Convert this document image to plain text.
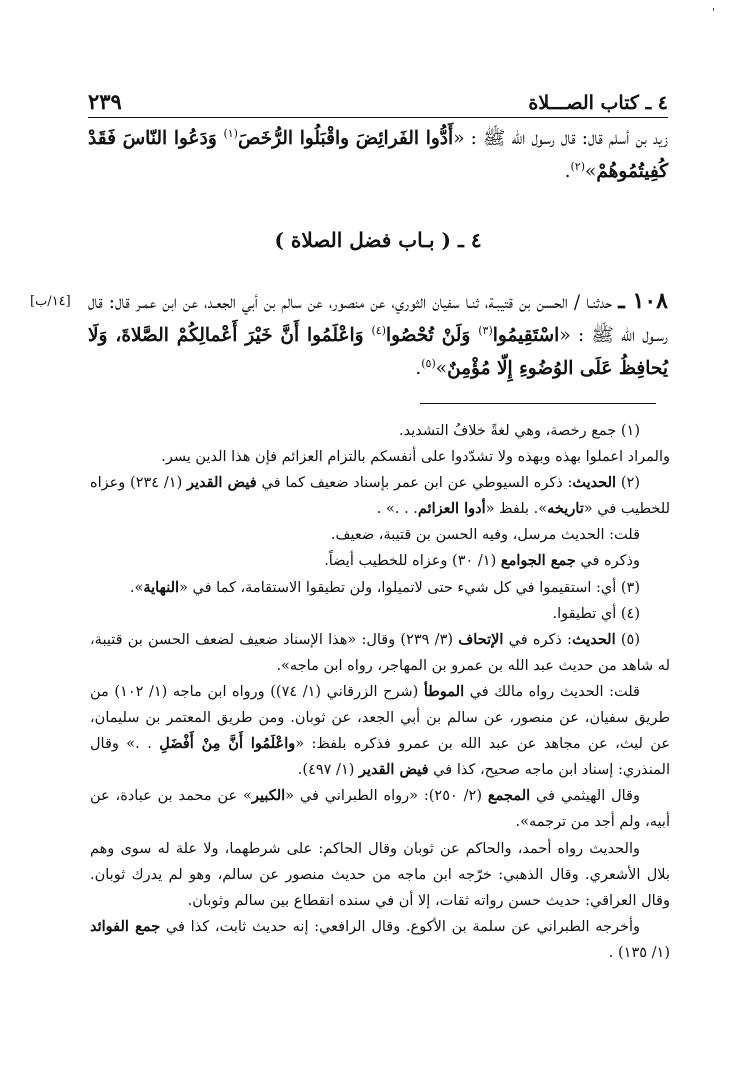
'
٤ ـ كتاب الصـــلاة
٢٣٩
زيد بن أسلم قال: قال رسول الله ﷺ : «أَدُّوا الفَرائِضَ واقْبَلُوا الرُّخَصَ$^{(١)}$ وَدَعُوا النّاسَ فَقَدْ كُفِيتُمُوهُمْ»$^{(٢)}$.
٤ ـ ( بـاب فضل الصلاة )
[١٤/ب]	١٠٨ ـ حدثنـا / الحسن بن قتيبـة، ثنـا سفيان الثوري، عن منصور، عن سالم بن أبي الجعـد، عن ابن عمـر قال: قال رسـول الله ﷺ : «اسْتَقِيمُوا$^{(٣)}$ وَلَنْ تُحْصُوا$^{(٤)}$ وَاعْلَمُوا أَنَّ خَيْرَ أَعْمالِكُمْ الصَّلاةَ، وَلَا يُحافِظُ عَلَى الوُضُوءِ إِلّا مُؤْمِنٌ»$^{(٥)}$.

(١) جمع رخصة، وهي لغةً خلافُ التشديد.

والمراد اعملوا بهذه وبهذه ولا تشدّدوا على أنفسكم بالتزام العزائم فإن هذا الدين يسر.

(٢) الحديث: ذكره السيوطي عن ابن عمر بإسناد ضعيف كما في فيض القدير (١/ ٢٣٤) وعزاه للخطيب في «تاريخه». بلفظ «أدوا العزائم. . .» .

قلت: الحديث مرسل، وفيه الحسن بن قتيبة، ضعيف.

وذكره في جمع الجوامع (١/ ٣٠) وعزاه للخطيب أيضاً.

(٣) أي: استقيموا في كل شيء حتى لاتميلوا، ولن تطيقوا الاستقامة، كما في «النهاية».

(٤) أي تطيقوا.

(٥) الحديث: ذكره في الإتحاف (٣/ ٢٣٩) وقال: «هذا الإسناد ضعيف لضعف الحسن بن قتيبة، له شاهد من حديث عبد الله بن عمرو بن المهاجر، رواه ابن ماجه».

قلت: الحديث رواه مالك في الموطأ (شرح الزرقاني (١/ ٧٤)) ورواه ابن ماجه (١/ ١٠٢) من طريق سفيان، عن منصور، عن سالم بن أبي الجعد، عن ثوبان. ومن طريق المعتمر بن سليمان، عن ليث، عن مجاهد عن عبد الله بن عمرو فذكره بلفظ: «واعْلَمُوا أَنَّ مِنْ أَفْضَلِ . .» وقال المنذري: إسناد ابن ماجه صحيح، كذا في فيض القدير (١/ ٤٩٧).

وقال الهيثمي في المجمع (٢/ ٢٥٠): «رواه الطبراني في «الكبير» عن محمد بن عبادة، عن أبيه، ولم أجد من ترجمه».

والحديث رواه أحمد، والحاكم عن ثوبان وقال الحاكم: على شرطهما، ولا علة له سوى وهم بلال الأشعري. وقال الذهبي: خرّجه ابن ماجه من حديث منصور عن سالم، وهو لم يدرك ثوبان. وقال العراقي: حديث حسن رواته ثقات، إلا أن في سنده انقطاع بين سالم وثوبان.

وأخرجه الطبراني عن سلمة بن الأكوع. وقال الرافعي: إنه حديث ثابت، كذا في جمع الفوائد (١/ ١٣٥) .
